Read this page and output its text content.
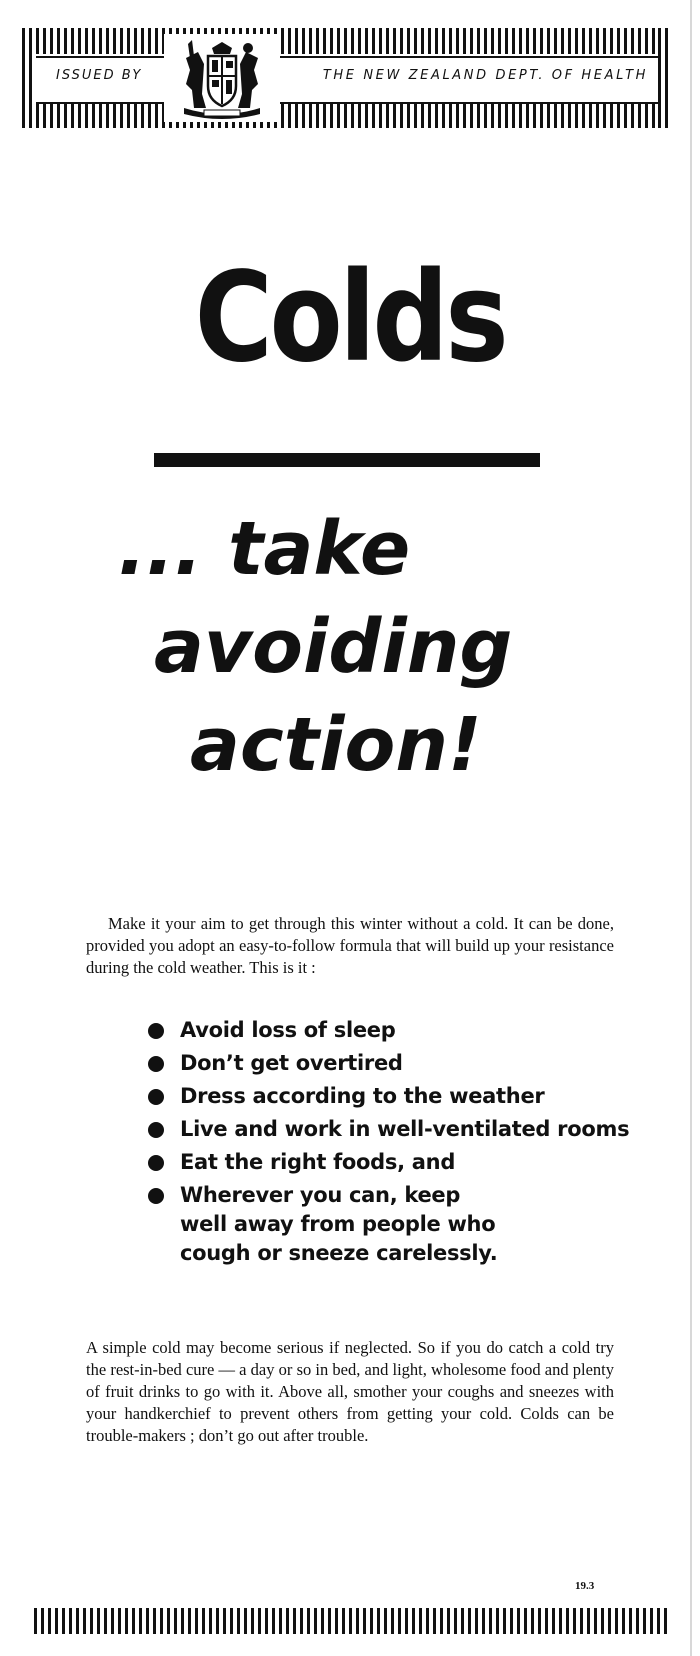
ISSUED BY	THE NEW ZEALAND DEPT. OF HEALTH
Colds
... take
avoiding
action!

Make it your aim to get through this winter without a cold. It can be done, provided you adopt an easy-to-follow formula that will build up your resistance during the cold weather. This is it :

Avoid loss of sleep
Don’t get overtired
Dress according to the weather
Live and work in well-ventilated rooms
Eat the right foods, and
Wherever you can, keep well away from people who cough or sneeze carelessly.

A simple cold may become serious if neglected. So if you do catch a cold try the rest-in-bed cure — a day or so in bed, and light, wholesome food and plenty of fruit drinks to go with it. Above all, smother your coughs and sneezes with your handkerchief to prevent others from getting your cold. Colds can be trouble-makers ; don’t go out after trouble.

19.3
